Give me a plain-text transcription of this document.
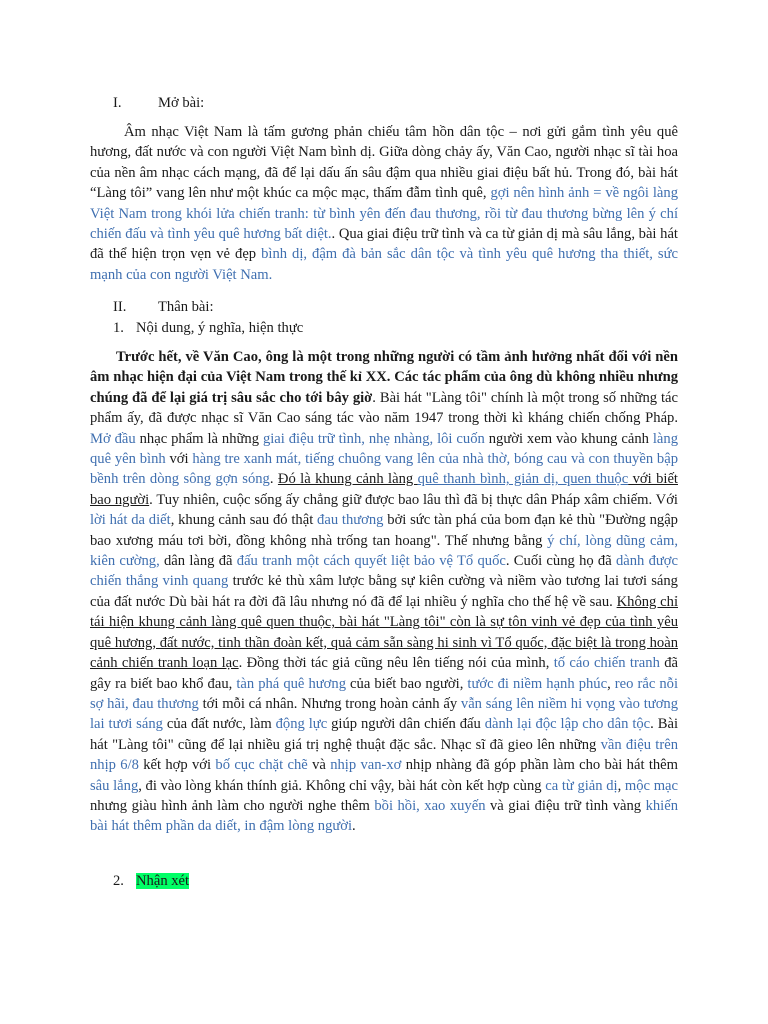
I. Mở bài:

Âm nhạc Việt Nam là tấm gương phản chiếu tâm hồn dân tộc – nơi gửi gắm tình yêu quê hương, đất nước và con người Việt Nam bình dị. Giữa dòng chảy ấy, Văn Cao, người nhạc sĩ tài hoa của nền âm nhạc cách mạng, đã để lại dấu ấn sâu đậm qua nhiều giai điệu bất hủ. Trong đó, bài hát “Làng tôi” vang lên như một khúc ca mộc mạc, thấm đẫm tình quê, gợi nên hình ảnh = về ngôi làng Việt Nam trong khói lửa chiến tranh: từ bình yên đến đau thương, rồi từ đau thương bừng lên ý chí chiến đấu và tình yêu quê hương bất diệt.. Qua giai điệu trữ tình và ca từ giản dị mà sâu lắng, bài hát đã thể hiện trọn vẹn vẻ đẹp bình dị, đậm đà bản sắc dân tộc và tình yêu quê hương tha thiết, sức mạnh của con người Việt Nam.

II. Thân bài:

1. Nội dung, ý nghĩa, hiện thực

Trước hết, về Văn Cao, ông là một trong những người có tầm ảnh hưởng nhất đối với nền âm nhạc hiện đại của Việt Nam trong thế kỉ XX. Các tác phẩm của ông dù không nhiều nhưng chúng đã để lại giá trị sâu sắc cho tới bây giờ. Bài hát "Làng tôi" chính là một trong số những tác phẩm ấy, đã được nhạc sĩ Văn Cao sáng tác vào năm 1947 trong thời kì kháng chiến chống Pháp. Mở đầu nhạc phẩm là những giai điệu trữ tình, nhẹ nhàng, lôi cuốn người xem vào khung cảnh làng quê yên bình với hàng tre xanh mát, tiếng chuông vang lên của nhà thờ, bóng cau và con thuyền bập bềnh trên dòng sông gợn sóng. Đó là khung cảnh làng quê thanh bình, giản dị, quen thuộc với biết bao người. Tuy nhiên, cuộc sống ấy chẳng giữ được bao lâu thì đã bị thực dân Pháp xâm chiếm. Với lời hát da diết, khung cảnh sau đó thật đau thương bởi sức tàn phá của bom đạn kẻ thù "Đường ngập bao xương máu tơi bời, đồng không nhà trống tan hoang". Thế nhưng bằng ý chí, lòng dũng cảm, kiên cường, dân làng đã đấu tranh một cách quyết liệt bảo vệ Tổ quốc. Cuối cùng họ đã dành được chiến thắng vinh quang trước kẻ thù xâm lược bằng sự kiên cường và niềm vào tương lai tươi sáng của đất nước Dù bài hát ra đời đã lâu nhưng nó đã để lại nhiều ý nghĩa cho thế hệ về sau. Không chỉ tái hiện khung cảnh làng quê quen thuộc, bài hát "Làng tôi" còn là sự tôn vinh vẻ đẹp của tình yêu quê hương, đất nước, tinh thần đoàn kết, quả cảm sẵn sàng hi sinh vì Tổ quốc, đặc biệt là trong hoàn cảnh chiến tranh loạn lạc. Đồng thời tác giả cũng nêu lên tiếng nói của mình, tố cáo chiến tranh đã gây ra biết bao khổ đau, tàn phá quê hương của biết bao người, tước đi niềm hạnh phúc, reo rắc nỗi sợ hãi, đau thương tới mỗi cá nhân. Nhưng trong hoàn cảnh ấy vẫn sáng lên niềm hi vọng vào tương lai tươi sáng của đất nước, làm động lực giúp người dân chiến đấu dành lại độc lập cho dân tộc. Bài hát "Làng tôi" cũng để lại nhiều giá trị nghệ thuật đặc sắc. Nhạc sĩ đã gieo lên những vần điệu trên nhịp 6/8 kết hợp với bố cục chặt chẽ và nhịp van-xơ nhịp nhàng đã góp phần làm cho bài hát thêm sâu lắng, đi vào lòng khán thính giả. Không chỉ vậy, bài hát còn kết hợp cùng ca từ giản dị, mộc mạc nhưng giàu hình ảnh làm cho người nghe thêm bồi hồi, xao xuyến và giai điệu trữ tình vàng khiến bài hát thêm phần da diết, in đậm lòng người.

2. Nhận xét
